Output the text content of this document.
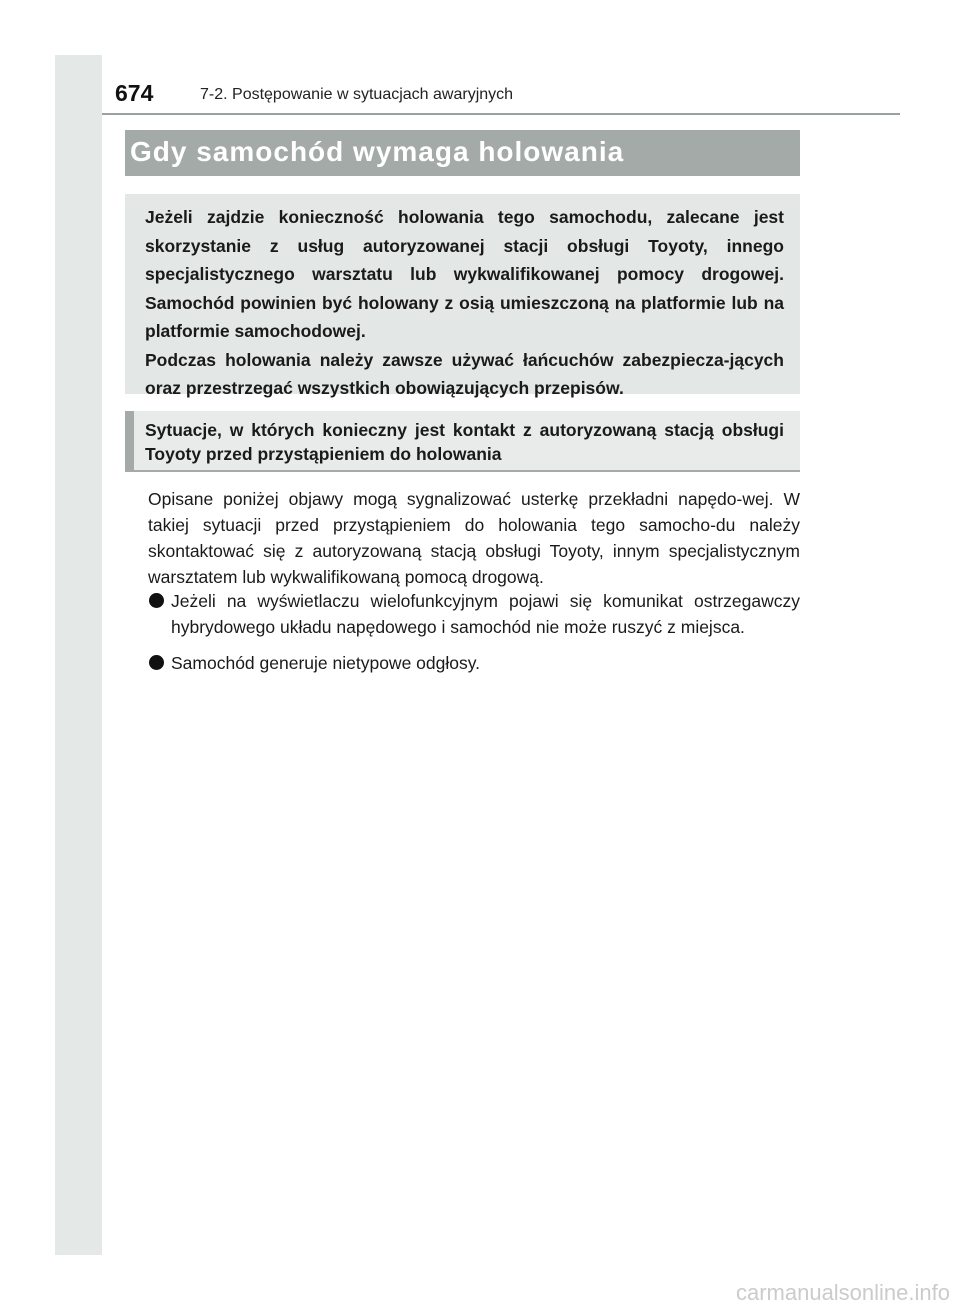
674	7-2. Postępowanie w sytuacjach awaryjnych
Gdy samochód wymaga holowania

Jeżeli zajdzie konieczność holowania tego samochodu, zalecane jest skorzystanie z usług autoryzowanej stacji obsługi Toyoty, innego specjalistycznego warsztatu lub wykwalifikowanej pomocy drogowej. Samochód powinien być holowany z osią umieszczoną na platformie lub na platformie samochodowej.

Podczas holowania należy zawsze używać łańcuchów zabezpiecza-jących oraz przestrzegać wszystkich obowiązujących przepisów.

Sytuacje, w których konieczny jest kontakt z autoryzowaną stacją obsługi Toyoty przed przystąpieniem do holowania

Opisane poniżej objawy mogą sygnalizować usterkę przekładni napędo-wej. W takiej sytuacji przed przystąpieniem do holowania tego samocho-du należy skontaktować się z autoryzowaną stacją obsługi Toyoty, innym specjalistycznym warsztatem lub wykwalifikowaną pomocą drogową.

Jeżeli na wyświetlaczu wielofunkcyjnym pojawi się komunikat ostrzegawczy hybrydowego układu napędowego i samochód nie może ruszyć z miejsca.
Samochód generuje nietypowe odgłosy.
carmanualsonline.info
